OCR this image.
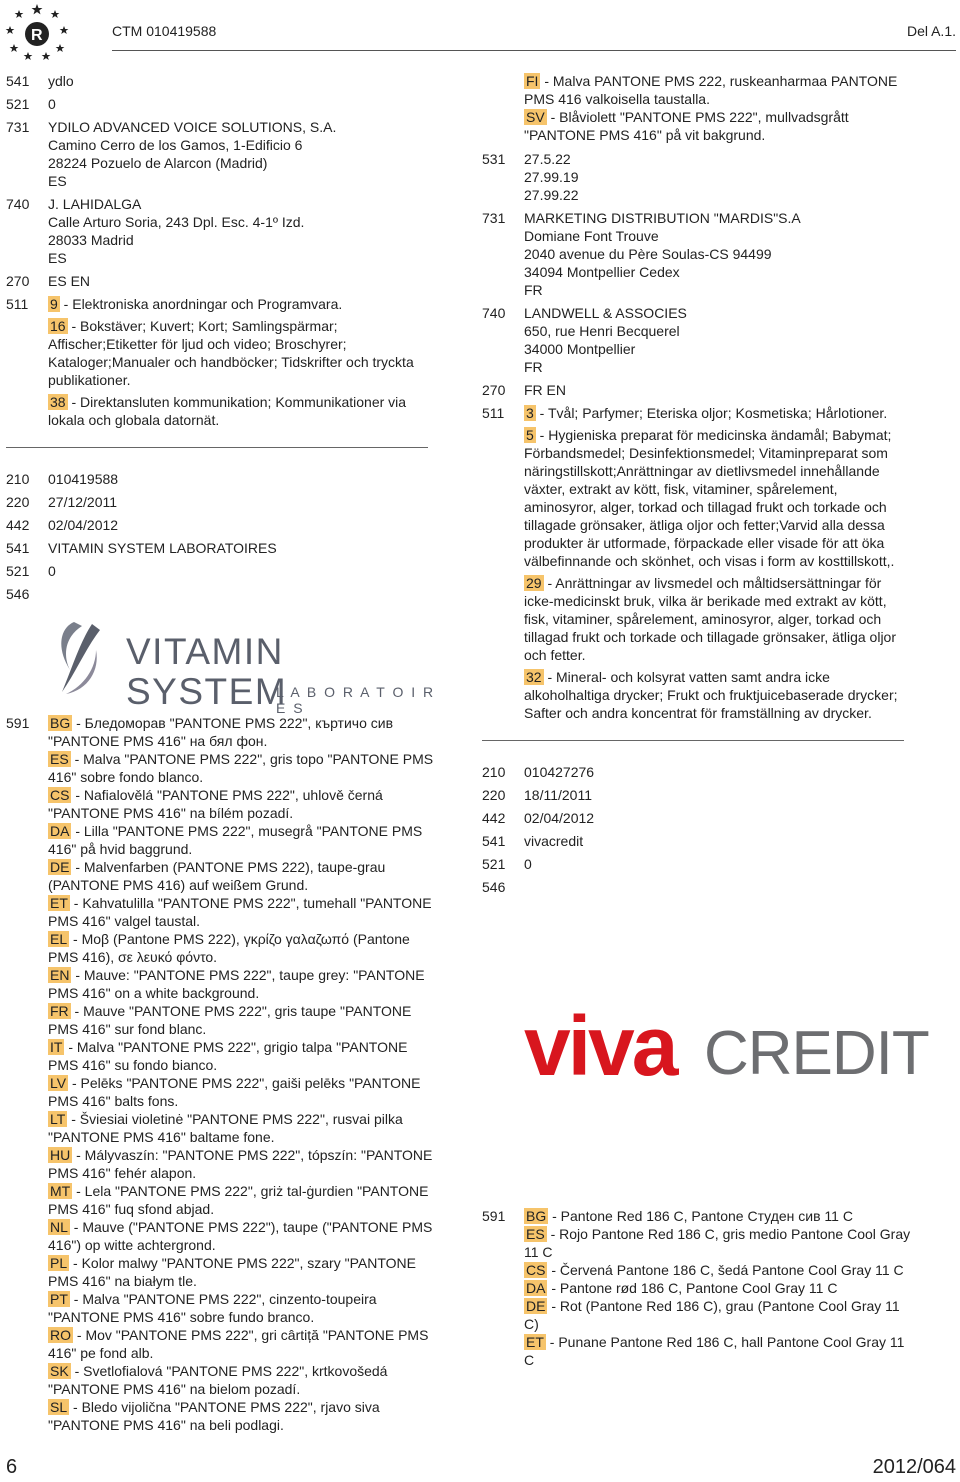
R	CTM 010419588	Del A.1.
541	ydlo
521	0
731	YDILO ADVANCED VOICE SOLUTIONS, S.A.
Camino Cerro de los Gamos, 1-Edificio 6
28224 Pozuelo de Alarcon (Madrid)
ES
740	J. LAHIDALGA
Calle Arturo Soria, 243 Dpl. Esc. 4-1º Izd.
28033 Madrid
ES
270	ES EN
511	9 - Elektroniska anordningar och Programvara.
16 - Bokstäver; Kuvert; Kort; Samlingspärmar; Affischer;Etiketter för ljud och video; Broschyrer; Kataloger;Manualer och handböcker; Tidskrifter och tryckta publikationer.
38 - Direktansluten kommunikation; Kommunikationer via lokala och globala datornät.
210	010419588
220	27/12/2011
442	02/04/2012
541	VITAMIN SYSTEM LABORATOIRES
521	0
546
VITAMIN SYSTEM
L A B O R A T O I R E S
591	BG - Бледоморав "PANTONE PMS 222", къртичо сив "PANTONE PMS 416" на бял фон.

ES - Malva "PANTONE PMS 222", gris topo "PANTONE PMS 416" sobre fondo blanco.

CS - Nafialovělá "PANTONE PMS 222", uhlově černá "PANTONE PMS 416" na bílém pozadí.

DA - Lilla "PANTONE PMS 222", musegrå "PANTONE PMS 416" på hvid baggrund.

DE - Malvenfarben (PANTONE PMS 222), taupe-grau (PANTONE PMS 416) auf weißem Grund.

ET - Kahvatulilla "PANTONE PMS 222", tumehall "PANTONE PMS 416" valgel taustal.

EL - Μοβ (Pantone PMS 222), γκρίζο γαλαζωπό (Pantone PMS 416), σε λευκό φόντο.

EN - Mauve: "PANTONE PMS 222", taupe grey: "PANTONE PMS 416" on a white background.

FR - Mauve "PANTONE PMS 222", gris taupe "PANTONE PMS 416" sur fond blanc.

IT - Malva "PANTONE PMS 222", grigio talpa "PANTONE PMS 416" su fondo bianco.

LV - Pelēks "PANTONE PMS 222", gaiši pelēks "PANTONE PMS 416" balts fons.

LT - Šviesiai violetinė "PANTONE PMS 222", rusvai pilka "PANTONE PMS 416" baltame fone.

HU - Mályvaszín: "PANTONE PMS 222", tópszín: "PANTONE PMS 416" fehér alapon.

MT - Lela "PANTONE PMS 222", griż tal-ġurdien "PANTONE PMS 416" fuq sfond abjad.

NL - Mauve ("PANTONE PMS 222"), taupe ("PANTONE PMS 416") op witte achtergrond.

PL - Kolor malwy "PANTONE PMS 222", szary "PANTONE PMS 416" na białym tle.

PT - Malva "PANTONE PMS 222", cinzento-toupeira "PANTONE PMS 416" sobre fundo branco.

RO - Mov "PANTONE PMS 222", gri cârtiță "PANTONE PMS 416" pe fond alb.

SK - Svetlofialová "PANTONE PMS 222", krtkovošedá "PANTONE PMS 416" na bielom pozadí.

SL - Bledo vijolična "PANTONE PMS 222", rjavo siva "PANTONE PMS 416" na beli podlagi.

FI - Malva PANTONE PMS 222, ruskeanharmaa PANTONE PMS 416 valkoisella taustalla.

SV - Blåviolett "PANTONE PMS 222", mullvadsgrått "PANTONE PMS 416" på vit bakgrund.

531	27.5.22
27.99.19
27.99.22
731	MARKETING DISTRIBUTION "MARDIS"S.A
Domiane Font Trouve
2040 avenue du Père Soulas-CS 94499
34094 Montpellier Cedex
FR
740	LANDWELL & ASSOCIES
650, rue Henri Becquerel
34000 Montpellier
FR
270	FR EN
511	3 - Tvål; Parfymer; Eteriska oljor; Kosmetiska; Hårlotioner.
5 - Hygieniska preparat för medicinska ändamål; Babymat; Förbandsmedel; Desinfektionsmedel; Vitaminpreparat som näringstillskott;Anrättningar av dietlivsmedel innehållande växter, extrakt av kött, fisk, vitaminer, spårelement, aminosyror, alger, torkad och tillagad frukt och torkade och tillagade grönsaker, ätliga oljor och fetter;Varvid alla dessa produkter är utformade, förpackade eller visade för att öka välbefinnande och skönhet, och visas i form av kosttillskott,.
29 - Anrättningar av livsmedel och måltidsersättningar för icke-medicinskt bruk, vilka är berikade med extrakt av kött, fisk, vitaminer, spårelement, aminosyror, alger, torkad och tillagad frukt och torkade och tillagade grönsaker, ätliga oljor och fetter.
32 - Mineral- och kolsyrat vatten samt andra icke alkoholhaltiga drycker; Frukt och fruktjuicebaserade drycker; Safter och andra koncentrat för framställning av drycker.
210	010427276
220	18/11/2011
442	02/04/2012
541	vivacredit
521	0
546
viva CREDIT
591	BG - Pantone Red 186 C, Pantone Студен сив 11 C

ES - Rojo Pantone Red 186 C, gris medio Pantone Cool Gray 11 C

CS - Červená Pantone 186 C, šedá Pantone Cool Gray 11 C

DA - Pantone rød 186 C, Pantone Cool Gray 11 C

DE - Rot (Pantone Red 186 C), grau (Pantone Cool Gray 11 C)

ET - Punane Pantone Red 186 C, hall Pantone Cool Gray 11 C

6	2012/064
